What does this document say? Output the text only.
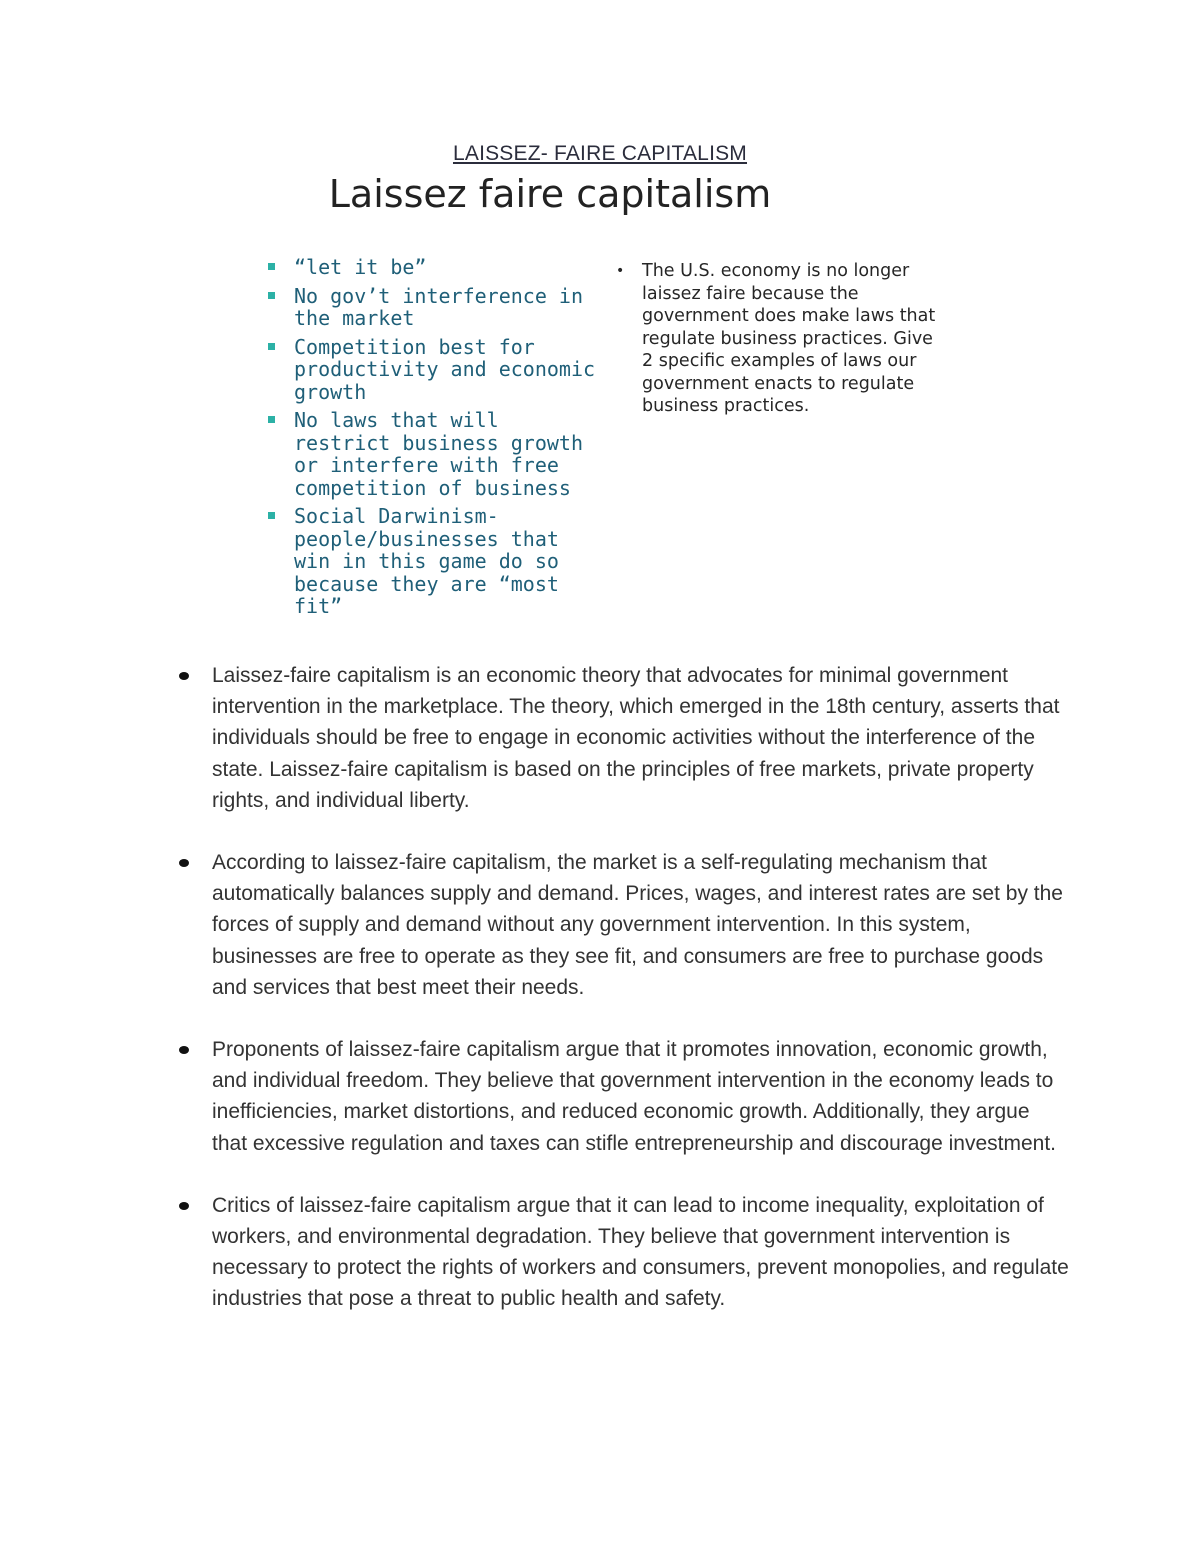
LAISSEZ- FAIRE CAPITALISM
Laissez faire capitalism
“let it be”
No gov’t interference in the market
Competition best for productivity and economic growth
No laws that will restrict business growth or interfere with free competition of business
Social Darwinism-people/businesses that win in this game do so because they are “most fit”
• The U.S. economy is no longer laissez faire because the government does make laws that regulate business practices. Give 2 specific examples of laws our government enacts to regulate business practices.
Laissez-faire capitalism is an economic theory that advocates for minimal government intervention in the marketplace. The theory, which emerged in the 18th century, asserts that individuals should be free to engage in economic activities without the interference of the state. Laissez-faire capitalism is based on the principles of free markets, private property rights, and individual liberty.
According to laissez-faire capitalism, the market is a self-regulating mechanism that automatically balances supply and demand. Prices, wages, and interest rates are set by the forces of supply and demand without any government intervention. In this system, businesses are free to operate as they see fit, and consumers are free to purchase goods and services that best meet their needs.
Proponents of laissez-faire capitalism argue that it promotes innovation, economic growth, and individual freedom. They believe that government intervention in the economy leads to inefficiencies, market distortions, and reduced economic growth. Additionally, they argue that excessive regulation and taxes can stifle entrepreneurship and discourage investment.
Critics of laissez-faire capitalism argue that it can lead to income inequality, exploitation of workers, and environmental degradation. They believe that government intervention is necessary to protect the rights of workers and consumers, prevent monopolies, and regulate industries that pose a threat to public health and safety.
